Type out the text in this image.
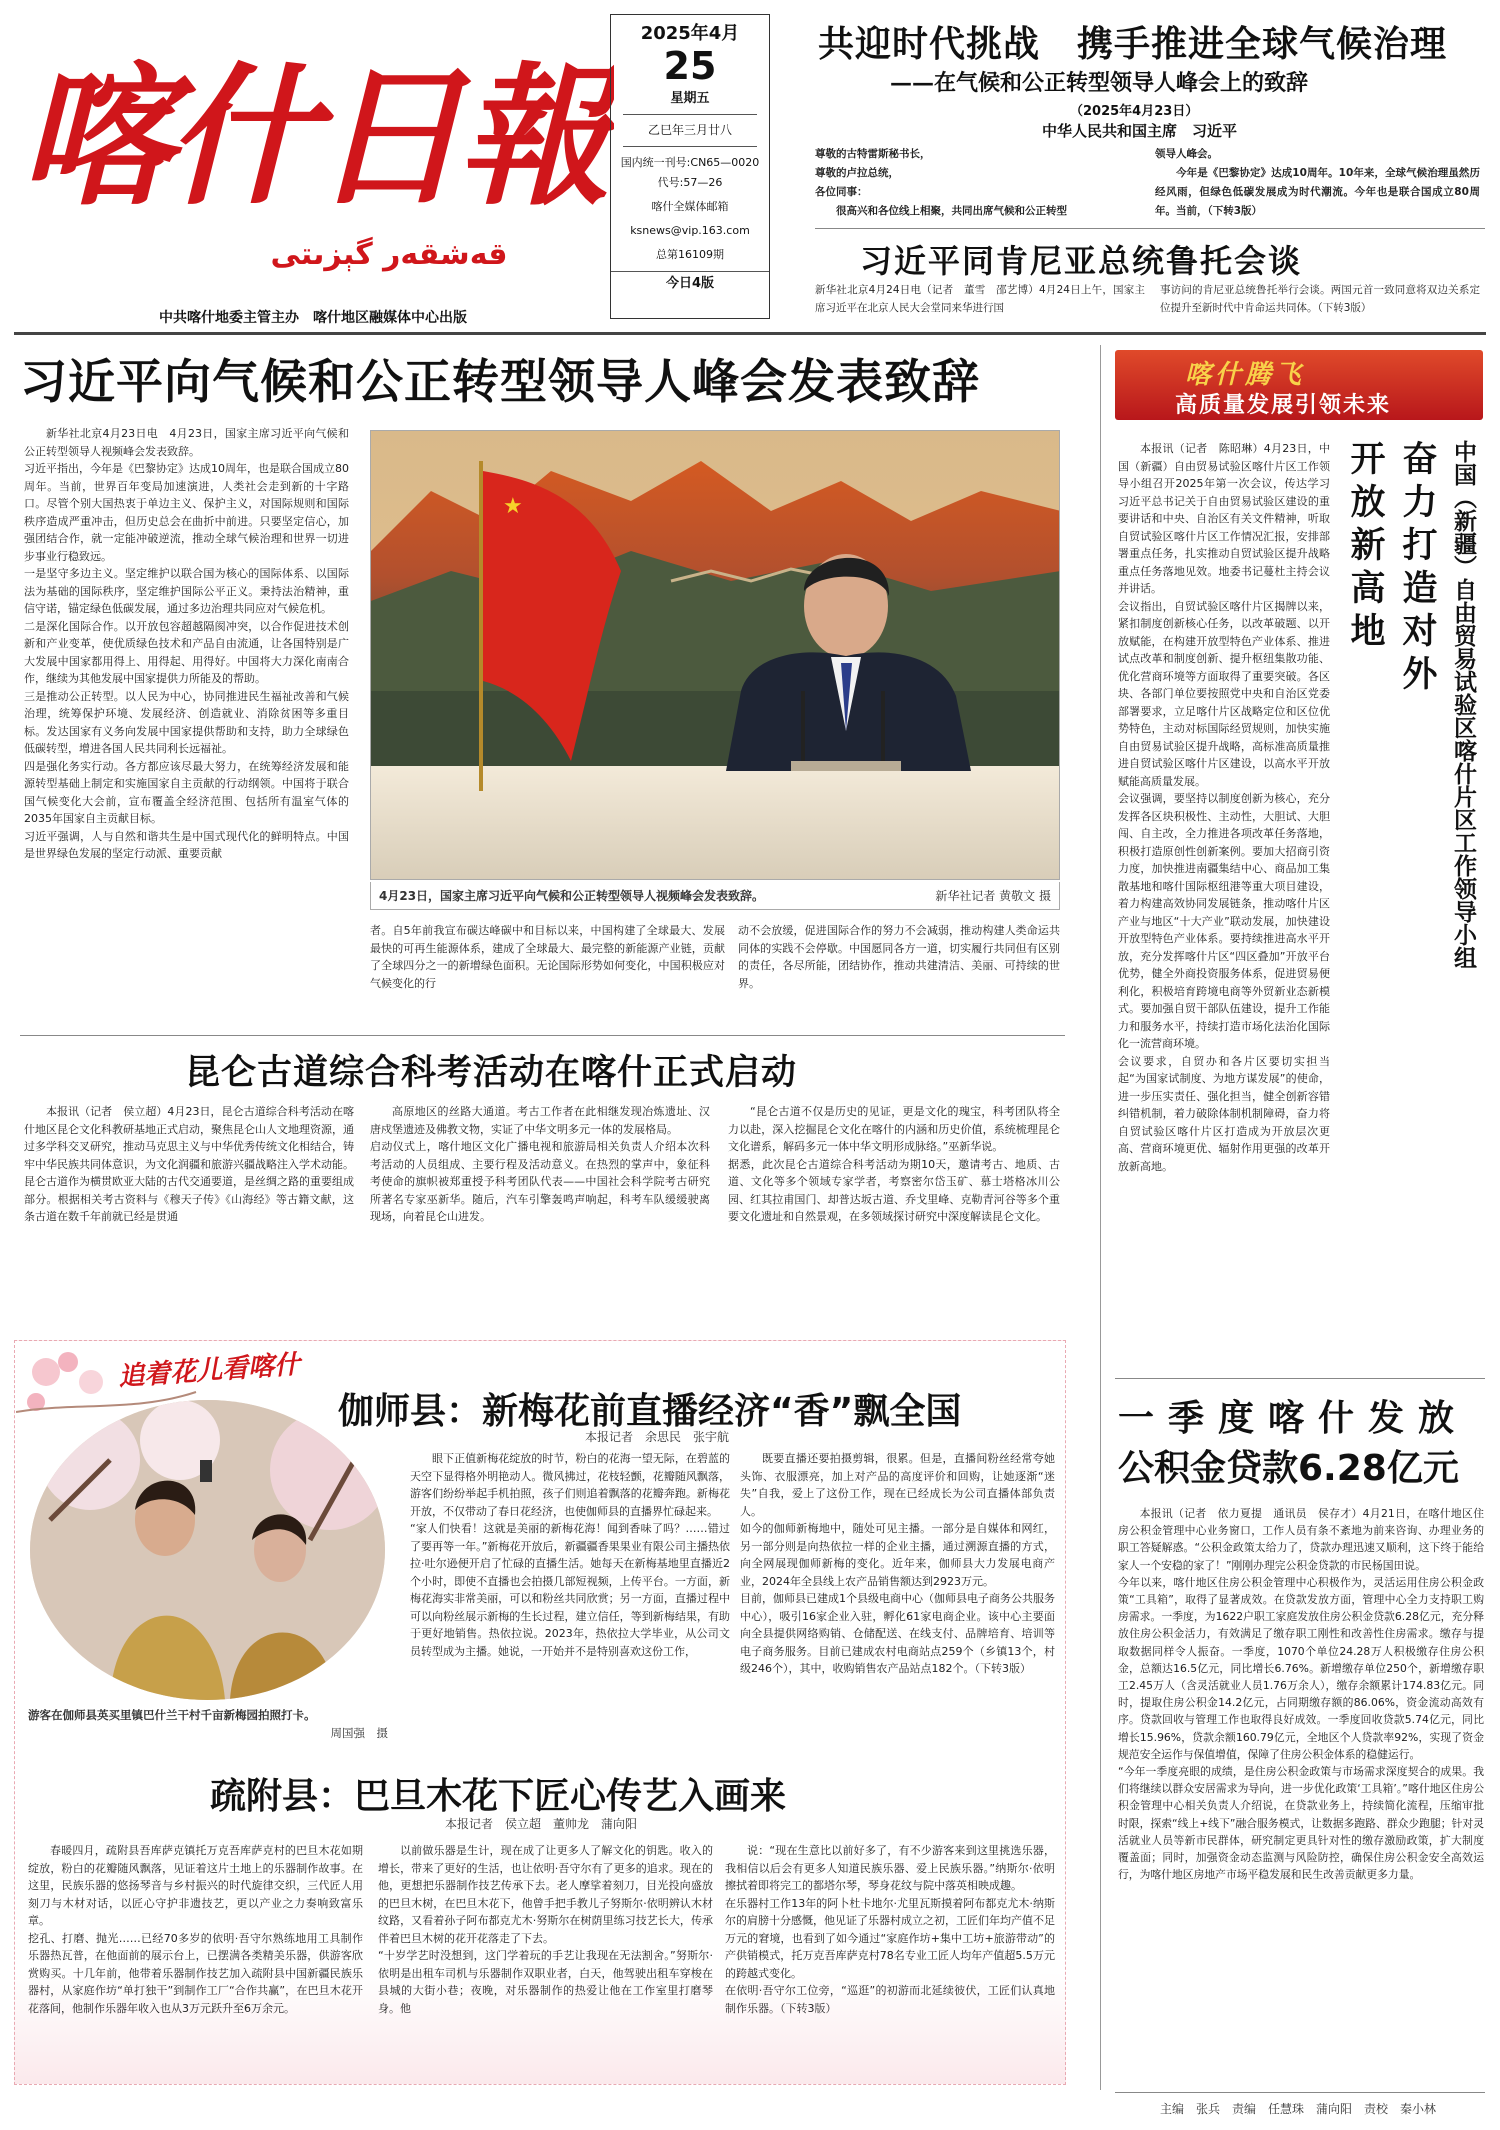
喀什日報
قەشقەر گېزىتى
中共喀什地委主管主办　喀什地区融媒体中心出版
2025年4月
25
星期五
乙巳年三月廿八
国内统一刊号:CN65—0020
代号:57—26
喀什全媒体邮箱
ksnews@vip.163.com
总第16109期
今日4版
共迎时代挑战　携手推进全球气候治理
——在气候和公正转型领导人峰会上的致辞
（2025年4月23日）
中华人民共和国主席　习近平
尊敬的古特雷斯秘书长，
尊敬的卢拉总统，
各位同事：
　　很高兴和各位线上相聚，共同出席气候和公正转型
领导人峰会。
　　今年是《巴黎协定》达成10周年。10年来，全球气候治理虽然历经风雨，但绿色低碳发展成为时代潮流。今年也是联合国成立80周年。当前，（下转3版）
习近平同肯尼亚总统鲁托会谈
新华社北京4月24日电（记者　董雪　邵艺博）4月24日上午，国家主席习近平在北京人民大会堂同来华进行国
事访问的肯尼亚总统鲁托举行会谈。两国元首一致同意将双边关系定位提升至新时代中肯命运共同体。（下转3版）
习近平向气候和公正转型领导人峰会发表致辞
新华社北京4月23日电　4月23日，国家主席习近平向气候和公正转型领导人视频峰会发表致辞。
习近平指出，今年是《巴黎协定》达成10周年，也是联合国成立80周年。当前，世界百年变局加速演进，人类社会走到新的十字路口。尽管个别大国热衷于单边主义、保护主义，对国际规则和国际秩序造成严重冲击，但历史总会在曲折中前进。只要坚定信心，加强团结合作，就一定能冲破逆流，推动全球气候治理和世界一切进步事业行稳致远。
一是坚守多边主义。坚定维护以联合国为核心的国际体系、以国际法为基础的国际秩序，坚定维护国际公平正义。秉持法治精神，重信守诺，锚定绿色低碳发展，通过多边治理共同应对气候危机。
二是深化国际合作。以开放包容超越隔阂冲突，以合作促进技术创新和产业变革，使优质绿色技术和产品自由流通，让各国特别是广大发展中国家都用得上、用得起、用得好。中国将大力深化南南合作，继续为其他发展中国家提供力所能及的帮助。
三是推动公正转型。以人民为中心，协同推进民生福祉改善和气候治理，统筹保护环境、发展经济、创造就业、消除贫困等多重目标。发达国家有义务向发展中国家提供帮助和支持，助力全球绿色低碳转型，增进各国人民共同利长远福祉。
四是强化务实行动。各方都应该尽最大努力，在统筹经济发展和能源转型基础上制定和实施国家自主贡献的行动纲领。中国将于联合国气候变化大会前，宣布覆盖全经济范围、包括所有温室气体的2035年国家自主贡献目标。
习近平强调，人与自然和谐共生是中国式现代化的鲜明特点。中国是世界绿色发展的坚定行动派、重要贡献
★
4月23日，国家主席习近平向气候和公正转型领导人视频峰会发表致辞。	新华社记者 黄敬文 摄
者。自5年前我宣布碳达峰碳中和目标以来，中国构建了全球最大、发展最快的可再生能源体系，建成了全球最大、最完整的新能源产业链，贡献了全球四分之一的新增绿色面积。无论国际形势如何变化，中国积极应对气候变化的行
动不会放缓，促进国际合作的努力不会减弱，推动构建人类命运共同体的实践不会停歇。中国愿同各方一道，切实履行共同但有区别的责任，各尽所能，团结协作，推动共建清洁、美丽、可持续的世界。
昆仑古道综合科考活动在喀什正式启动
本报讯（记者　侯立超）4月23日，昆仑古道综合科考活动在喀什地区昆仑文化科教研基地正式启动，聚焦昆仑山人文地理资源，通过多学科交叉研究，推动马克思主义与中华优秀传统文化相结合，铸牢中华民族共同体意识，为文化润疆和旅游兴疆战略注入学术动能。
昆仑古道作为横贯欧亚大陆的古代交通要道，是丝绸之路的重要组成部分。根据相关考古资料与《穆天子传》《山海经》等古籍文献，这条古道在数千年前就已经是贯通
高原地区的丝路大通道。考古工作者在此相继发现冶炼遗址、汉唐戍堡遗迹及佛教文物，实证了中华文明多元一体的发展格局。
启动仪式上，喀什地区文化广播电视和旅游局相关负责人介绍本次科考活动的人员组成、主要行程及活动意义。在热烈的掌声中，象征科考使命的旗帜被郑重授予科考团队代表——中国社会科学院考古研究所著名专家巫新华。随后，汽车引擎轰鸣声响起，科考车队缓缓驶离现场，向着昆仑山进发。
“昆仑古道不仅是历史的见证，更是文化的瑰宝，科考团队将全力以赴，深入挖掘昆仑文化在喀什的内涵和历史价值，系统梳理昆仑文化谱系，解码多元一体中华文明形成脉络。”巫新华说。
据悉，此次昆仑古道综合科考活动为期10天，邀请考古、地质、古道、文化等多个领域专家学者，考察密尔岱玉矿、慕士塔格冰川公园、红其拉甫国门、却普达坂古道、乔戈里峰、克勒青河谷等多个重要文化遗址和自然景观，在多领域探讨研究中深度解读昆仑文化。
追着花儿看喀什
伽师县：新梅花前直播经济“香”飘全国
本报记者　余思民　张宇航
游客在伽师县英买里镇巴什兰干村千亩新梅园拍照打卡。
周国强　摄
眼下正值新梅花绽放的时节，粉白的花海一望无际，在碧蓝的天空下显得格外明艳动人。微风拂过，花枝轻颤，花瓣随风飘落，游客们纷纷举起手机拍照，孩子们则追着飘落的花瓣奔跑。新梅花开放，不仅带动了春日花经济，也使伽师县的直播界忙碌起来。
“家人们快看！这就是美丽的新梅花海！闻到香味了吗？……错过了要再等一年。”新梅花开放后，新疆疆香果果业有限公司主播热依拉·吐尔逊便开启了忙碌的直播生活。她每天在新梅基地里直播近2个小时，即使不直播也会拍摄几部短视频，上传平台。一方面，新梅花海实非常美丽，可以和粉丝共同欣赏；另一方面，直播过程中可以向粉丝展示新梅的生长过程，建立信任，等到新梅结果，有助于更好地销售。热依拉说。2023年，热依拉大学毕业，从公司文员转型成为主播。她说，一开始并不是特别喜欢这份工作，
既要直播还要拍摄剪辑，很累。但是，直播间粉丝经常夸她头饰、衣服漂亮，加上对产品的高度评价和回购，让她逐渐“迷失”自我，爱上了这份工作，现在已经成长为公司直播体部负责人。
如今的伽师新梅地中，随处可见主播。一部分是自媒体和网红，另一部分则是向热依拉一样的企业主播，通过溯源直播的方式，向全网展现伽师新梅的变化。近年来，伽师县大力发展电商产业，2024年全县线上农产品销售额达到2923万元。
目前，伽师县已建成1个县级电商中心（伽师县电子商务公共服务中心），吸引16家企业入驻，孵化61家电商企业。该中心主要面向全县提供网络购销、仓储配送、在线支付、品牌培育、培训等电子商务服务。目前已建成农村电商站点259个（乡镇13个，村级246个），其中，收购销售农产品站点182个。（下转3版）
疏附县：巴旦木花下匠心传艺入画来
本报记者　侯立超　董帅龙　蒲向阳
春暖四月，疏附县吾库萨克镇托万克吾库萨克村的巴旦木花如期绽放，粉白的花瓣随风飘落，见证着这片土地上的乐器制作故事。在这里，民族乐器的悠扬琴音与乡村振兴的时代旋律交织，三代匠人用刻刀与木材对话，以匠心守护非遗技艺，更以产业之力奏响致富乐章。
挖孔、打磨、抛光……已经70多岁的依明·吾守尔熟练地用工具制作乐器热瓦普，在他面前的展示台上，已摆满各类精美乐器，供游客欣赏购买。十几年前，他带着乐器制作技艺加入疏附县中国新疆民族乐器村，从家庭作坊“单打独干”到制作工厂“合作共赢”，在巴旦木花开花落间，他制作乐器年收入也从3万元跃升至6万余元。
以前做乐器是生计，现在成了让更多人了解文化的钥匙。收入的增长，带来了更好的生活，也让依明·吾守尔有了更多的追求。现在的他，更想把乐器制作技艺传承下去。老人摩挲着刻刀，目光投向盛放的巴旦木树，在巴旦木花下，他曾手把手教儿子努斯尔·依明辨认木材纹路，又看着孙子阿布都克尤木·努斯尔在树荫里练习技艺长大，传承伴着巴旦木树的花开花落走了下去。
“十岁学艺时没想到，这门学着玩的手艺让我现在无法割舍。”努斯尔·依明是出租车司机与乐器制作双职业者，白天，他驾驶出租车穿梭在县城的大街小巷；夜晚，对乐器制作的热爱让他在工作室里打磨琴身。他
说：“现在生意比以前好多了，有不少游客来到这里挑选乐器，我相信以后会有更多人知道民族乐器、爱上民族乐器。”纳斯尔·依明擦拭着即将完工的都塔尔琴，琴身花纹与院中落英相映成趣。
在乐器村工作13年的阿卜杜卡地尔·尤里瓦斯摸着阿布都克尤木·纳斯尔的肩膀十分感慨，他见证了乐器村成立之初，工匠们年均产值不足万元的窘境，也看到了如今通过“家庭作坊+集中工坊+旅游带动”的产供销模式，托万克吾库萨克村78名专业工匠人均年产值超5.5万元的跨越式变化。
在依明·吾守尔工位旁，“巡逛”的初游而北延续彼伏，工匠们认真地制作乐器。（下转3版）
喀什腾飞
高质量发展引领未来
中国（新疆）自由贸易试验区喀什片区工作领导小组
奋力打造对外开放新高地　
本报讯（记者　陈昭琳）4月23日，中国（新疆）自由贸易试验区喀什片区工作领导小组召开2025年第一次会议，传达学习习近平总书记关于自由贸易试验区建设的重要讲话和中央、自治区有关文件精神，听取自贸试验区喀什片区工作情况汇报，安排部署重点任务，扎实推动自贸试验区提升战略重点任务落地见效。地委书记蔓杜主持会议并讲话。
会议指出，自贸试验区喀什片区揭牌以来，紧扣制度创新核心任务，以改革破题、以开放赋能，在构建开放型特色产业体系、推进试点改革和制度创新、提升枢纽集散功能、优化营商环境等方面取得了重要突破。各区块、各部门单位要按照党中央和自治区党委部署要求，立足喀什片区战略定位和区位优势特色，主动对标国际经贸规则，加快实施自由贸易试验区提升战略，高标准高质量推进自贸试验区喀什片区建设，以高水平开放赋能高质量发展。
会议强调，要坚持以制度创新为核心，充分发挥各区块积极性、主动性，大胆试、大胆闯、自主改，全力推进各项改革任务落地，积极打造原创性创新案例。要加大招商引资力度，加快推进南疆集结中心、商品加工集散基地和喀什国际枢纽港等重大项目建设，着力构建高效协同发展链条，推动喀什片区产业与地区“十大产业”联动发展，加快建设开放型特色产业体系。要持续推进高水平开放，充分发挥喀什片区“四区叠加”开放平台优势，健全外商投资服务体系，促进贸易便利化，积极培育跨境电商等外贸新业态新模式。要加强自贸干部队伍建设，提升工作能力和服务水平，持续打造市场化法治化国际化一流营商环境。
会议要求，自贸办和各片区要切实担当起“为国家试制度、为地方谋发展”的使命，进一步压实责任、强化担当，健全创新容错纠错机制，着力破除体制机制障碍，奋力将自贸试验区喀什片区打造成为开放层次更高、营商环境更优、辐射作用更强的改革开放新高地。
一季度喀什发放
公积金贷款6.28亿元
本报讯（记者　依力夏提　通讯员　侯存才）4月21日，在喀什地区住房公积金管理中心业务窗口，工作人员有条不紊地为前来咨询、办理业务的职工答疑解惑。“公积金政策太给力了，贷款办理迅速又顺利，这下终于能给家人一个安稳的家了！”刚刚办理完公积金贷款的市民杨国田说。
今年以来，喀什地区住房公积金管理中心积极作为，灵活运用住房公积金政策“工具箱”，取得了显著成效。在贷款发放方面，管理中心全力支持职工购房需求。一季度，为1622户职工家庭发放住房公积金贷款6.28亿元，充分释放住房公积金活力，有效满足了缴存职工刚性和改善性住房需求。缴存与提取数据同样令人振奋。一季度，1070个单位24.28万人积极缴存住房公积金，总额达16.5亿元，同比增长6.76%。新增缴存单位250个，新增缴存职工2.45万人（含灵活就业人员1.76万余人），缴存余额累计174.83亿元。同时，提取住房公积金14.2亿元，占同期缴存额的86.06%，资金流动高效有序。贷款回收与管理工作也取得良好成效。一季度回收贷款5.74亿元，同比增长15.96%，贷款余额160.79亿元，全地区个人贷款率92%，实现了资金规范安全运作与保值增值，保障了住房公积金体系的稳健运行。
“今年一季度亮眼的成绩，是住房公积金政策与市场需求深度契合的成果。我们将继续以群众安居需求为导向，进一步优化政策‘工具箱’。”喀什地区住房公积金管理中心相关负责人介绍说，在贷款业务上，持续简化流程，压缩审批时限，探索“线上+线下”融合服务模式，让数据多跑路、群众少跑腿；针对灵活就业人员等新市民群体，研究制定更具针对性的缴存激励政策，扩大制度覆盖面；同时，加强资金动态监测与风险防控，确保住房公积金安全高效运行，为喀什地区房地产市场平稳发展和民生改善贡献更多力量。
主编　张兵　责编　任慧珠　蒲向阳　责校　秦小林
